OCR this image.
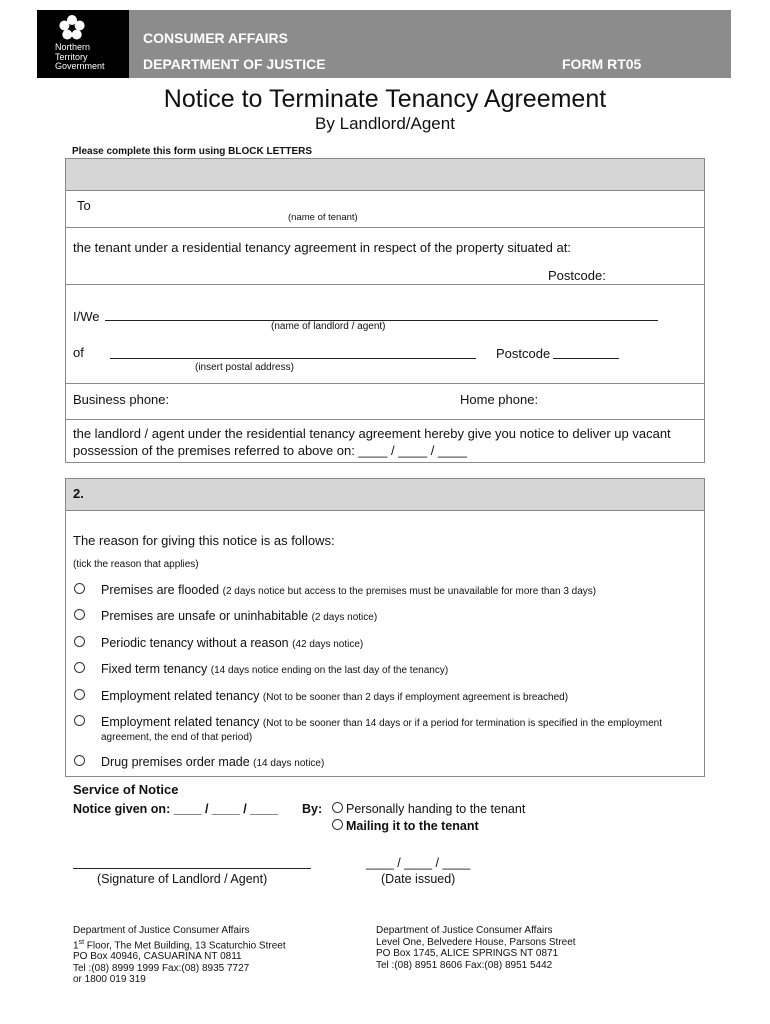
Northern
Territory
Government
CONSUMER AFFAIRS
DEPARTMENT OF JUSTICE	FORM RT05
Notice to Terminate Tenancy Agreement
By Landlord/Agent
Please complete this form using BLOCK LETTERS
To
(name of tenant)
the tenant under a residential tenancy agreement in respect of the property situated at:
Postcode:
I/We
(name of landlord / agent)
of	Postcode
(insert postal address)
Business phone:	Home phone:
the landlord / agent under the residential tenancy agreement hereby give you notice to deliver up vacant
possession of the premises referred to above on: ____ / ____ / ____
2.
The reason for giving this notice is as follows:
(tick the reason that applies)
Premises are flooded (2 days notice but access to the premises must be unavailable for more than 3 days)
Premises are unsafe or uninhabitable (2 days notice)
Periodic tenancy without a reason (42 days notice)
Fixed term tenancy (14 days notice ending on the last day of the tenancy)
Employment related tenancy (Not to be sooner than 2 days if employment agreement is breached)
Employment related tenancy (Not to be sooner than 14 days or if a period for termination is specified in the employment
agreement, the end of that period)
Drug premises order made (14 days notice)
Service of Notice
Notice given on: ____ / ____ / ____ By: Personally handing to the tenant
Mailing it to the tenant
(Signature of Landlord / Agent)
____ / ____ / ____
(Date issued)
Department of Justice Consumer Affairs
1st Floor, The Met Building, 13 Scaturchio Street
PO Box 40946, CASUARINA NT 0811
Tel :(08) 8999 1999 Fax:(08) 8935 7727
or 1800 019 319
Department of Justice Consumer Affairs
Level One, Belvedere House, Parsons Street
PO Box 1745, ALICE SPRINGS NT 0871
Tel :(08) 8951 8606 Fax:(08) 8951 5442
